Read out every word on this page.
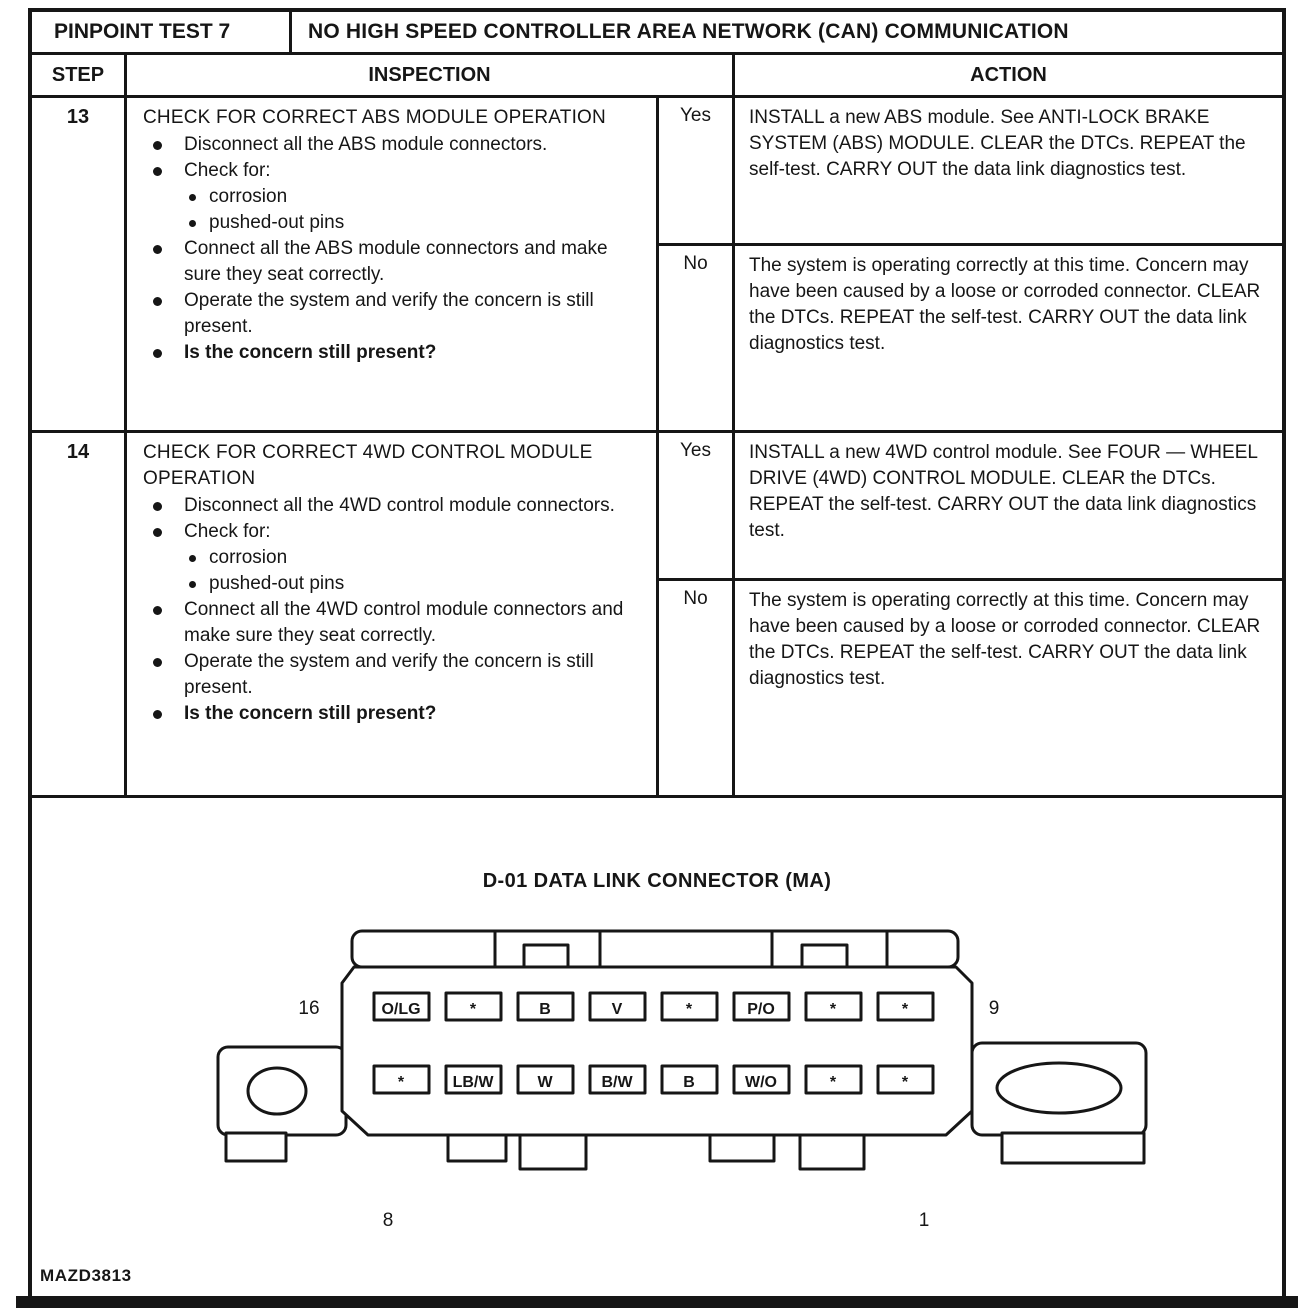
PINPOINT TEST 7	NO HIGH SPEED CONTROLLER AREA NETWORK (CAN) COMMUNICATION
STEP	INSPECTION	ACTION
13	CHECK FOR CORRECT ABS MODULE OPERATION
Disconnect all the ABS module connectors.
Check for:
corrosion
pushed-out pins
Connect all the ABS module connectors and make sure they seat correctly.
Operate the system and verify the concern is still present.
Is the concern still present?
Yes	INSTALL a new ABS module. See ANTI-LOCK BRAKE SYSTEM (ABS) MODULE. CLEAR the DTCs. REPEAT the self-test. CARRY OUT the data link diagnostics test.
No	The system is operating correctly at this time. Concern may have been caused by a loose or corroded connector. CLEAR the DTCs. REPEAT the self-test. CARRY OUT the data link diagnostics test.
14	CHECK FOR CORRECT 4WD CONTROL MODULE OPERATION
Disconnect all the 4WD control module connectors.
Check for:
corrosion
pushed-out pins
Connect all the 4WD control module connectors and make sure they seat correctly.
Operate the system and verify the concern is still present.
Is the concern still present?
Yes	INSTALL a new 4WD control module. See FOUR — WHEEL DRIVE (4WD) CONTROL MODULE. CLEAR the DTCs. REPEAT the self-test. CARRY OUT the data link diagnostics test.
No	The system is operating correctly at this time. Concern may have been caused by a loose or corroded connector. CLEAR the DTCs. REPEAT the self-test. CARRY OUT the data link diagnostics test.
D-01 DATA LINK CONNECTOR (MA)
O/LG	*	B	V	*	P/O	*	*
*	LB/W	W	B/W	B	W/O	*	*
16	9
8	1
MAZD3813
